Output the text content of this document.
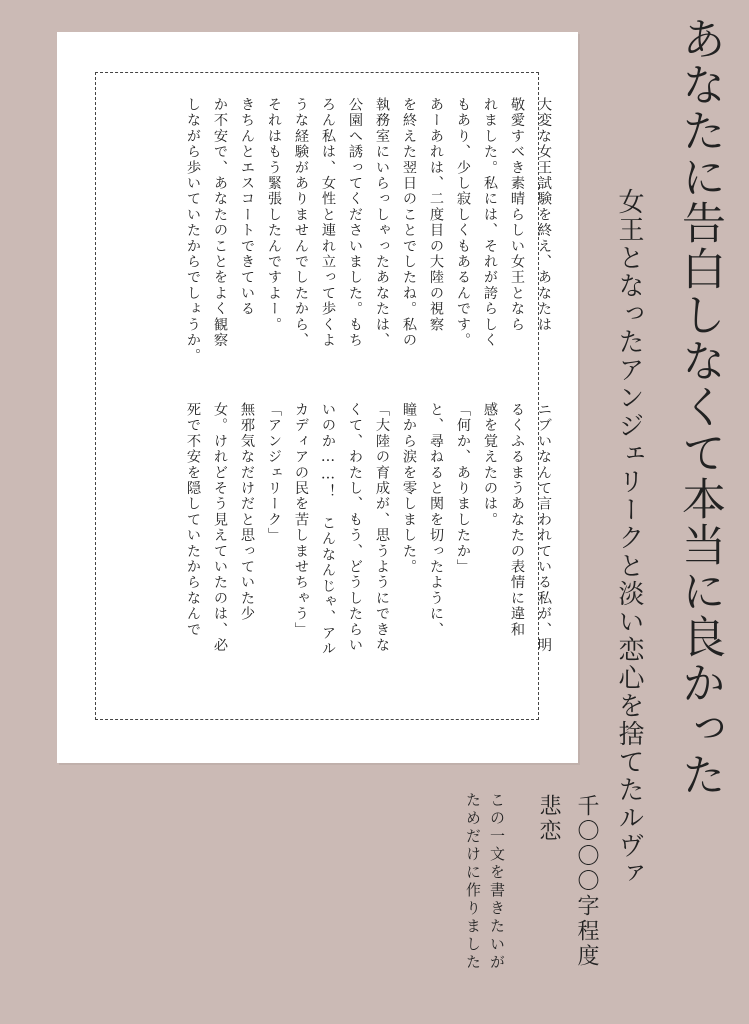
大変な女王試験を終え、あなたは
敬愛すべき素晴らしい女王となら
れました。私には、それが誇らしく
もあり、少し寂しくもあるんです。
あーあれは、二度目の大陸の視察
を終えた翌日のことでしたね。私の
執務室にいらっしゃったあなたは、
公園へ誘ってくださいました。もち
ろん私は、女性と連れ立って歩くよ
うな経験がありませんでしたから、
それはもう緊張したんですよー。
きちんとエスコートできている
か不安で、あなたのことをよく観察
しながら歩いていたからでしょうか。
ニブいなんて言われている私が、明
るくふるまうあなたの表情に違和
感を覚えたのは。
「何か、ありましたか」
と、尋ねると関を切ったように、
瞳から涙を零しました。
「大陸の育成が、思うようにできな
くて、わたし、もう、どうしたらい
いのか……！　こんなんじゃ、アル
カディアの民を苦しませちゃう」
「アンジェリーク」
無邪気なだけだと思っていた少
女。けれどそう見えていたのは、必
死で不安を隠していたからなんで	あなたに告白しなくて本当に良かった
女王となったアンジェリークと淡い恋心を捨てたルヴァ
千〇〇〇字程度
悲恋
この一文を書きたいが
ためだけに作りました
